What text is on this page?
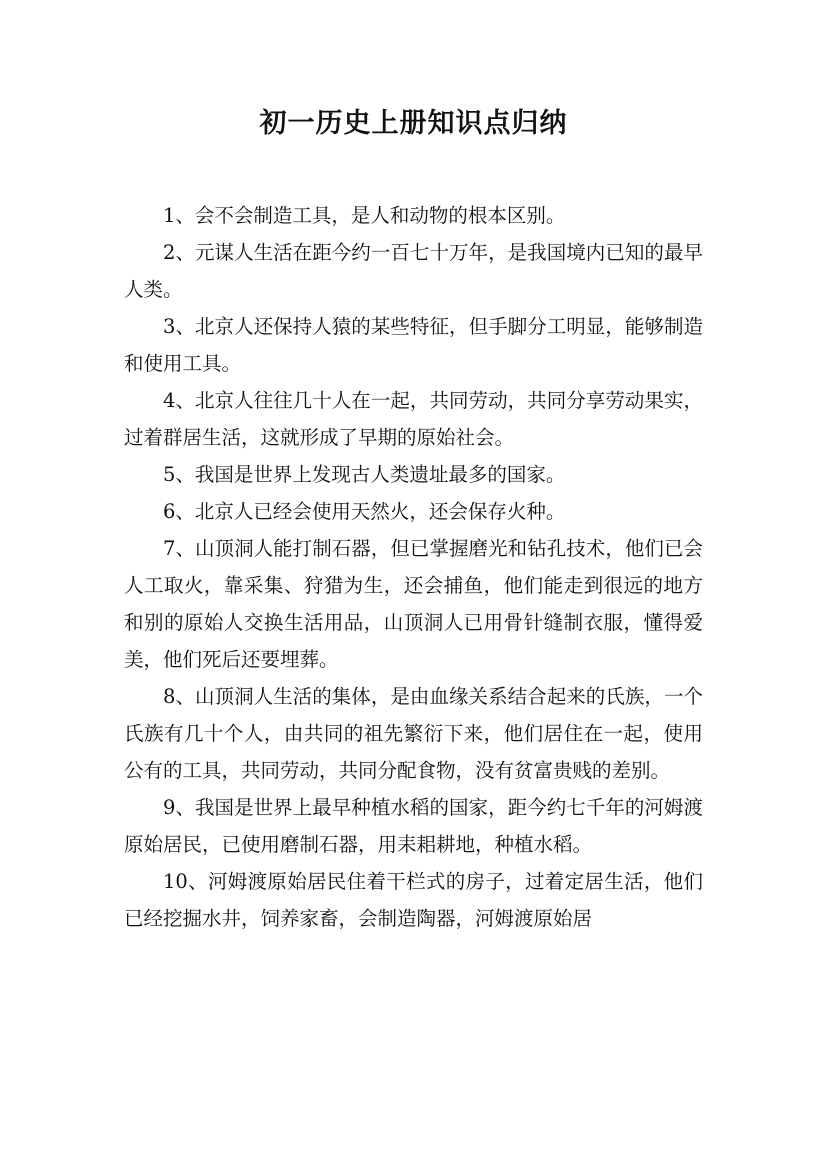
初一历史上册知识点归纳

1、会不会制造工具，是人和动物的根本区别。

2、元谋人生活在距今约一百七十万年，是我国境内已知的最早人类。

3、北京人还保持人猿的某些特征，但手脚分工明显，能够制造和使用工具。

4、北京人往往几十人在一起，共同劳动，共同分享劳动果实，过着群居生活，这就形成了早期的原始社会。

5、我国是世界上发现古人类遗址最多的国家。

6、北京人已经会使用天然火，还会保存火种。

7、山顶洞人能打制石器，但已掌握磨光和钻孔技术，他们已会人工取火，靠采集、狩猎为生，还会捕鱼，他们能走到很远的地方和别的原始人交换生活用品，山顶洞人已用骨针缝制衣服，懂得爱美，他们死后还要埋葬。

8、山顶洞人生活的集体，是由血缘关系结合起来的氏族，一个氏族有几十个人，由共同的祖先繁衍下来，他们居住在一起，使用公有的工具，共同劳动，共同分配食物，没有贫富贵贱的差别。

9、我国是世界上最早种植水稻的国家，距今约七千年的河姆渡原始居民，已使用磨制石器，用耒耜耕地，种植水稻。

10、河姆渡原始居民住着干栏式的房子，过着定居生活，他们已经挖掘水井，饲养家畜，会制造陶器，河姆渡原始居
